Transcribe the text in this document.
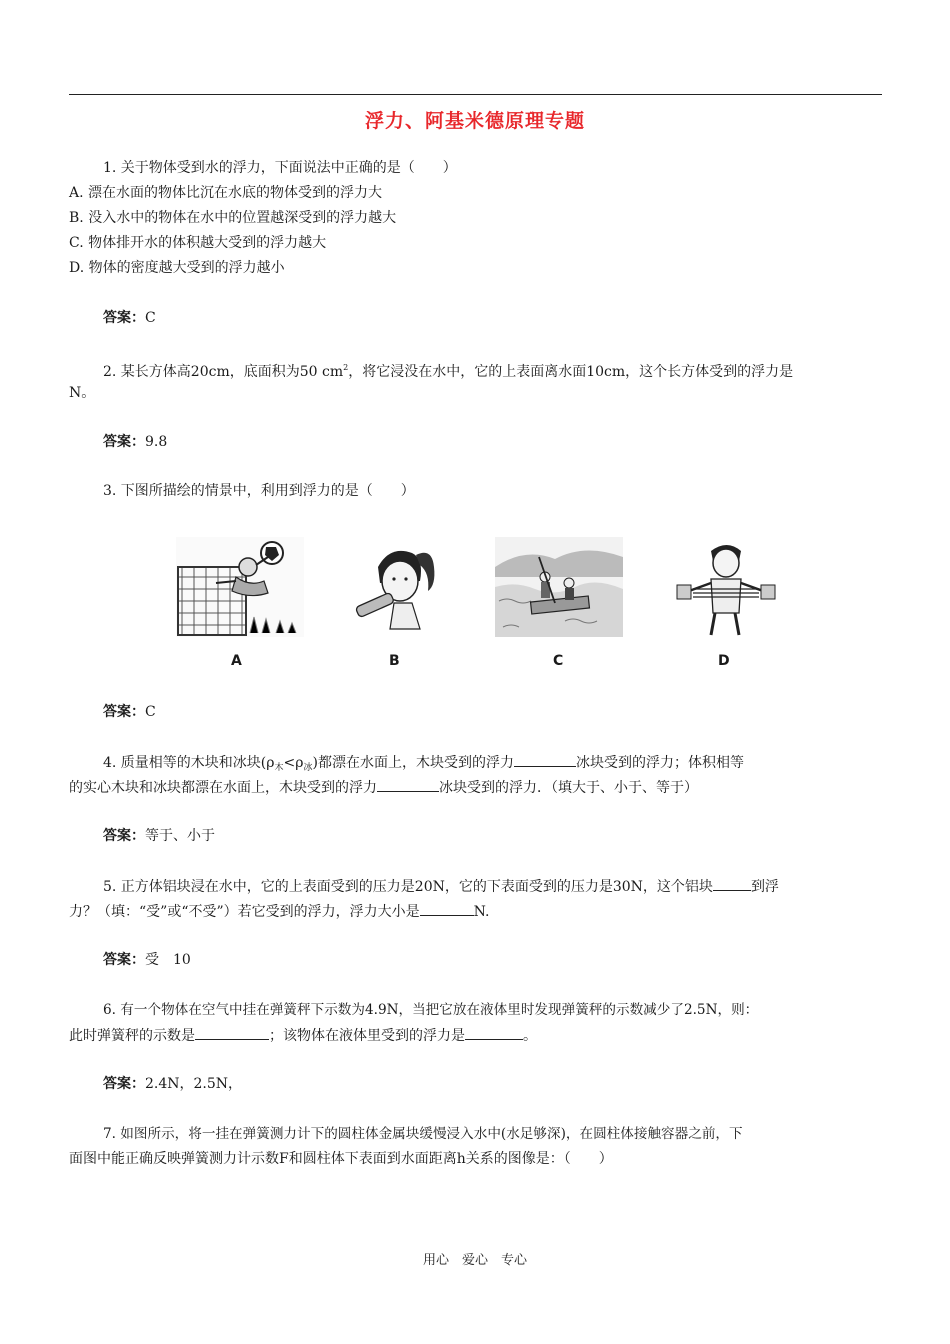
浮力、阿基米德原理专题
1. 关于物体受到水的浮力，下面说法中正确的是（　　）
A. 漂在水面的物体比沉在水底的物体受到的浮力大
B. 没入水中的物体在水中的位置越深受到的浮力越大
C. 物体排开水的体积越大受到的浮力越大
D. 物体的密度越大受到的浮力越小
答案：C
2. 某长方体高20cm，底面积为50 $cm^2$，将它浸没在水中，它的上表面离水面10cm，这个长方体受到的浮力是
N。
答案：9.8
3. 下图所描绘的情景中，利用到浮力的是（　　）
A	B	C	D
答案：C
4. 质量相等的木块和冰块$(\rho_木<\rho_冰)$都漂在水面上，木块受到的浮力	冰块受到的浮力；体积相等
的实心木块和冰块都漂在水面上，木块受到的浮力	冰块受到的浮力．（填大于、小于、等于）
答案：等于、小于
5. 正方体铝块浸在水中，它的上表面受到的压力是20N，它的下表面受到的压力是30N，这个铝块	到浮
力？（填：“受”或“不受”）若它受到的浮力，浮力大小是	N.
答案：受　10
6. 有一个物体在空气中挂在弹簧秤下示数为4.9N，当把它放在液体里时发现弹簧秤的示数减少了2.5N，则：
此时弹簧秤的示数是	；该物体在液体里受到的浮力是	。
答案：2.4N，2.5N，
7. 如图所示，将一挂在弹簧测力计下的圆柱体金属块缓慢浸入水中(水足够深)，在圆柱体接触容器之前，下
面图中能正确反映弹簧测力计示数F和圆柱体下表面到水面距离h关系的图像是：（　　）
用心　爱心　专心
